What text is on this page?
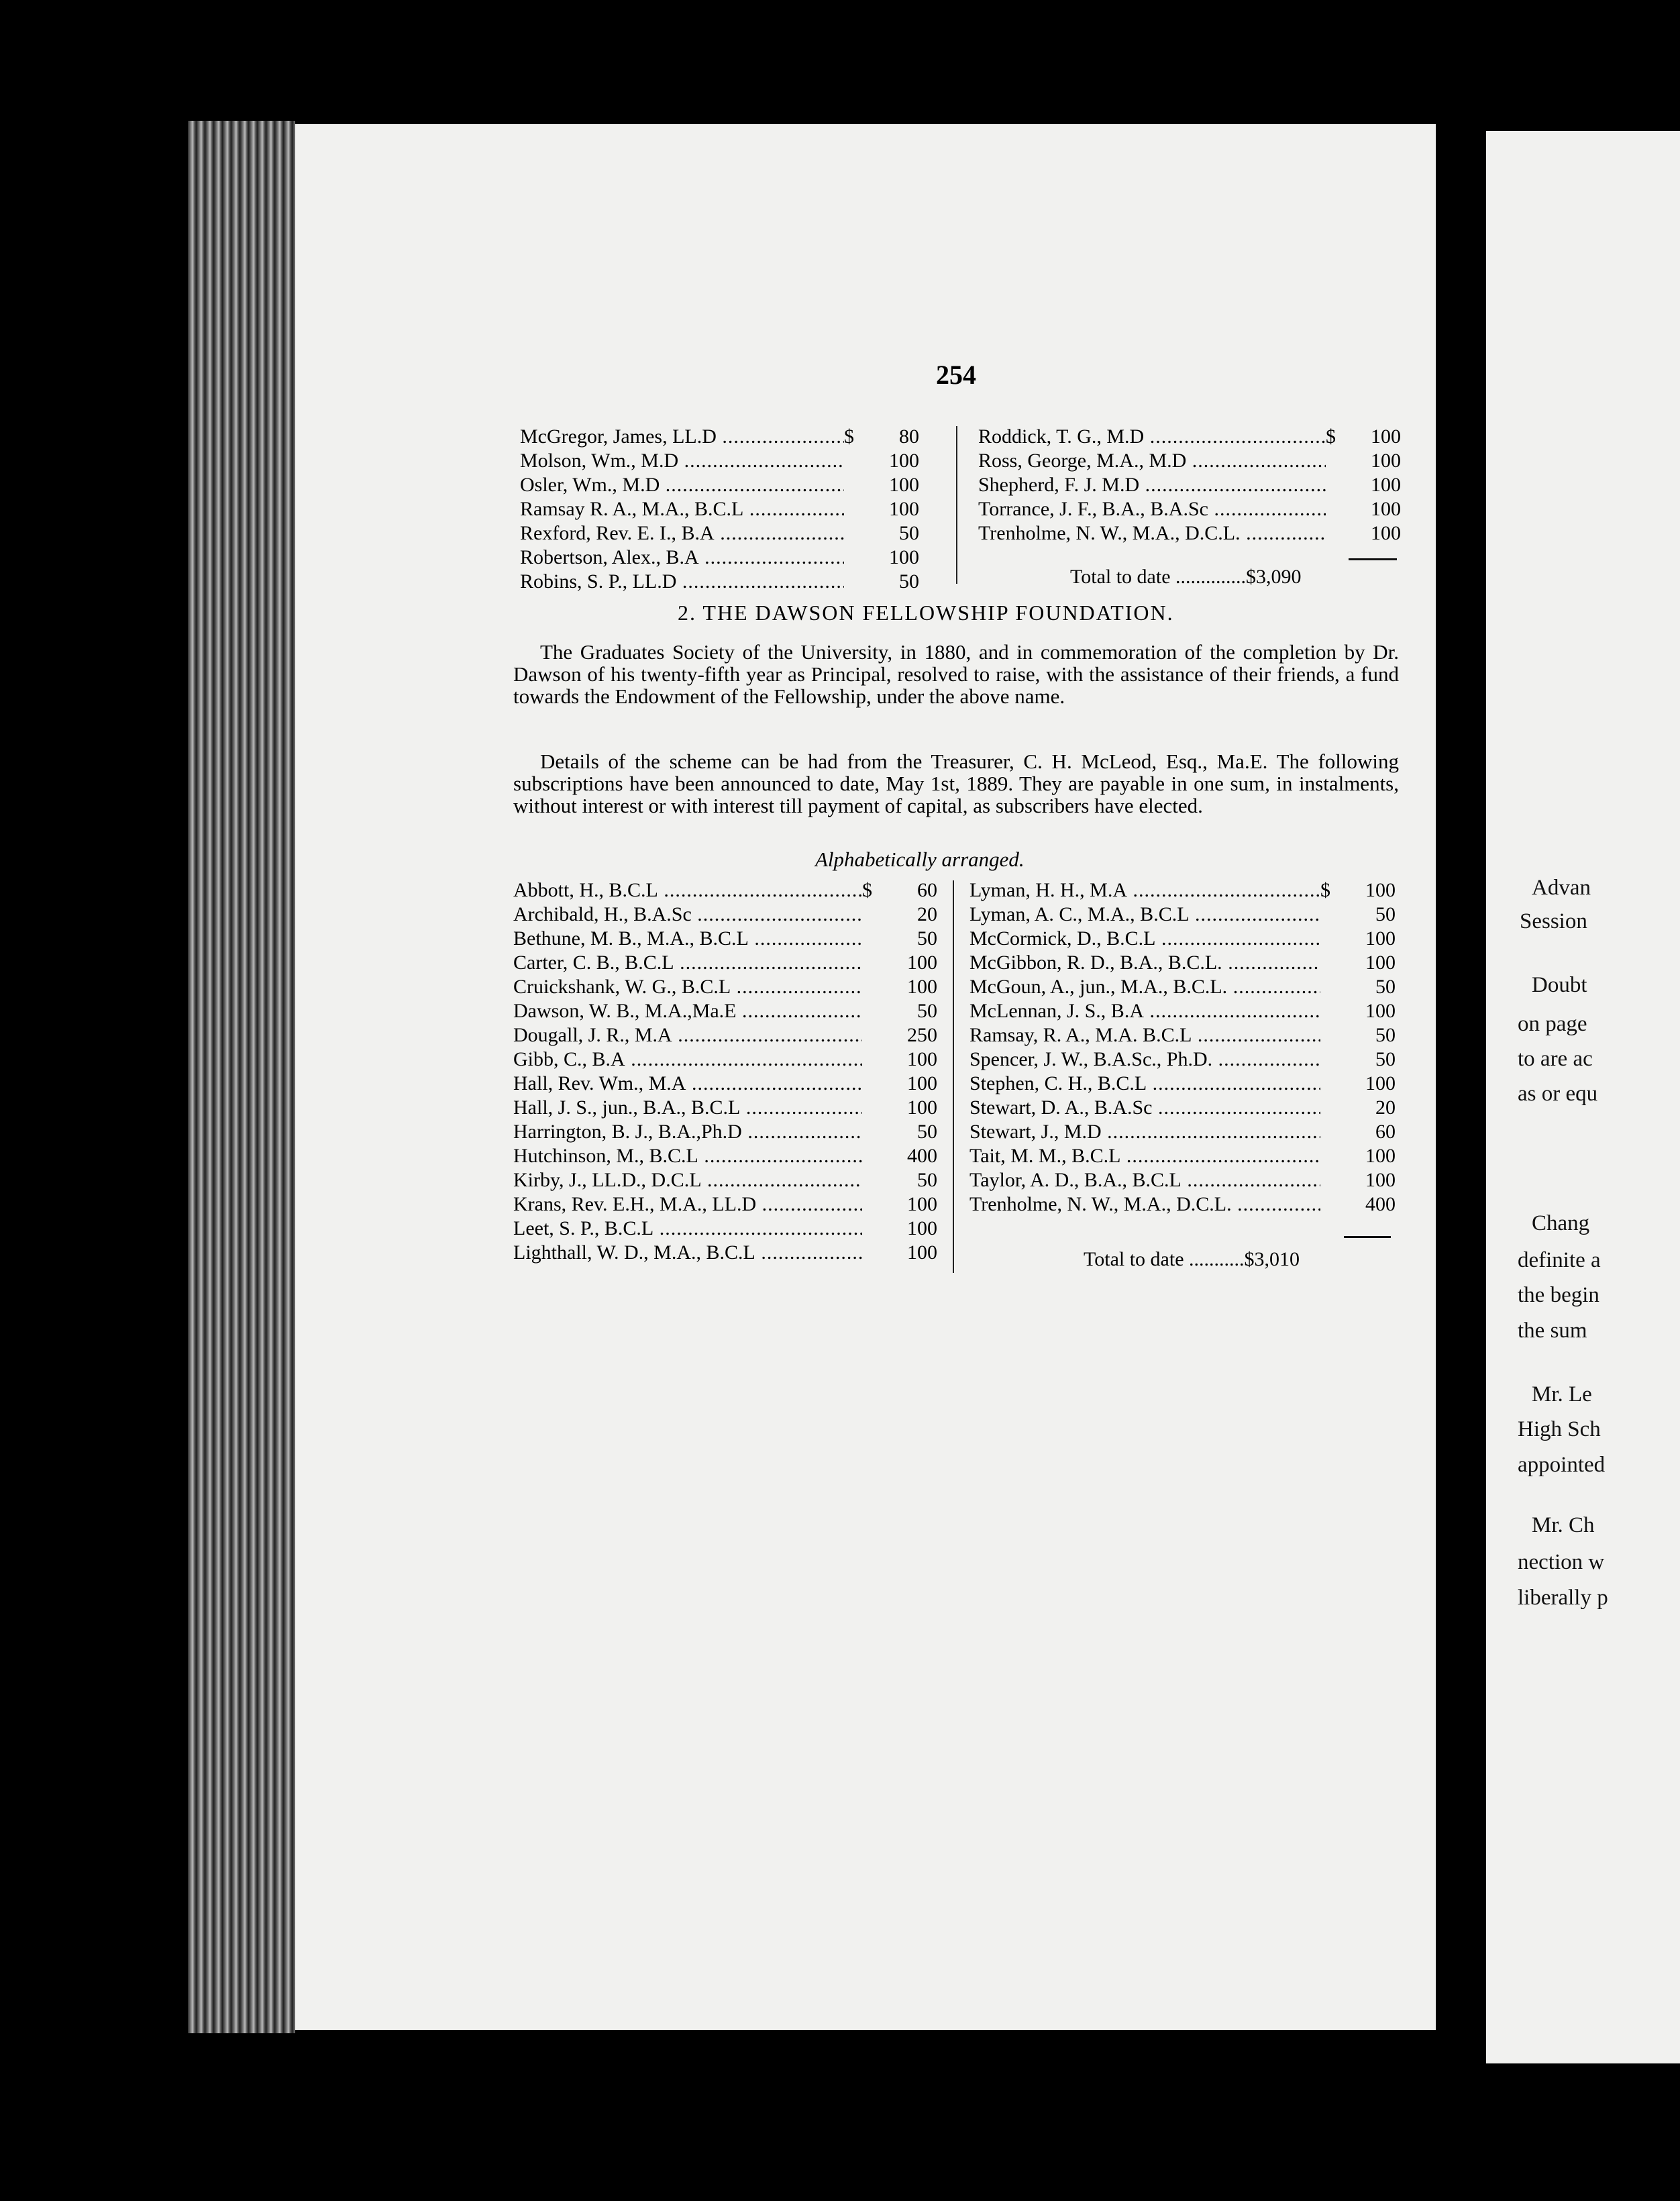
254
McGregor, James, LL.D .....	$	80
Molson, Wm., M.D .....	100
Osler, Wm., M.D .....	100
Ramsay R. A., M.A., B.C.L .....	100
Rexford, Rev. E. I., B.A .....	50
Robertson, Alex., B.A .....	100
Robins, S. P., LL.D .....	50
Roddick, T. G., M.D .....	$	100
Ross, George, M.A., M.D .....	100
Shepherd, F. J. M.D .....	100
Torrance, J. F., B.A., B.A.Sc .....	100
Trenholme, N. W., M.A., D.C.L. .....	100
Total to date ..............$3,090
2. THE DAWSON FELLOWSHIP FOUNDATION.
The Graduates Society of the University, in 1880, and in commemoration of the completion by Dr. Dawson of his twenty-fifth year as Principal, resolved to raise, with the assistance of their friends, a fund towards the Endowment of the Fellowship, under the above name.
Details of the scheme can be had from the Treasurer, C. H. McLeod, Esq., Ma.E. The following subscriptions have been announced to date, May 1st, 1889. They are payable in one sum, in instalments, without interest or with interest till payment of capital, as subscribers have elected.
Alphabetically arranged.
Abbott, H., B.C.L .....	$	60
Archibald, H., B.A.Sc .....	20
Bethune, M. B., M.A., B.C.L .....	50
Carter, C. B., B.C.L .....	100
Cruickshank, W. G., B.C.L .....	100
Dawson, W. B., M.A.,Ma.E .....	50
Dougall, J. R., M.A .....	250
Gibb, C., B.A .....	100
Hall, Rev. Wm., M.A .....	100
Hall, J. S., jun., B.A., B.C.L .....	100
Harrington, B. J., B.A.,Ph.D .....	50
Hutchinson, M., B.C.L .....	400
Kirby, J., LL.D., D.C.L .....	50
Krans, Rev. E.H., M.A., LL.D .....	100
Leet, S. P., B.C.L .....	100
Lighthall, W. D., M.A., B.C.L .....	100
Lyman, H. H., M.A .....	$	100
Lyman, A. C., M.A., B.C.L .....	50
McCormick, D., B.C.L .....	100
McGibbon, R. D., B.A., B.C.L. .....	100
McGoun, A., jun., M.A., B.C.L. .....	50
McLennan, J. S., B.A .....	100
Ramsay, R. A., M.A. B.C.L .....	50
Spencer, J. W., B.A.Sc., Ph.D. .....	50
Stephen, C. H., B.C.L .....	100
Stewart, D. A., B.A.Sc .....	20
Stewart, J., M.D .....	60
Tait, M. M., B.C.L .....	100
Taylor, A. D., B.A., B.C.L .....	100
Trenholme, N. W., M.A., D.C.L. .....	400
Total to date ...........$3,010
Advan
Session
Doubt
on page
to are ac
as or equ
Chang
definite a
the begin
the sum
Mr. Le
High Sch
appointed
Mr. Ch
nection w
liberally p
